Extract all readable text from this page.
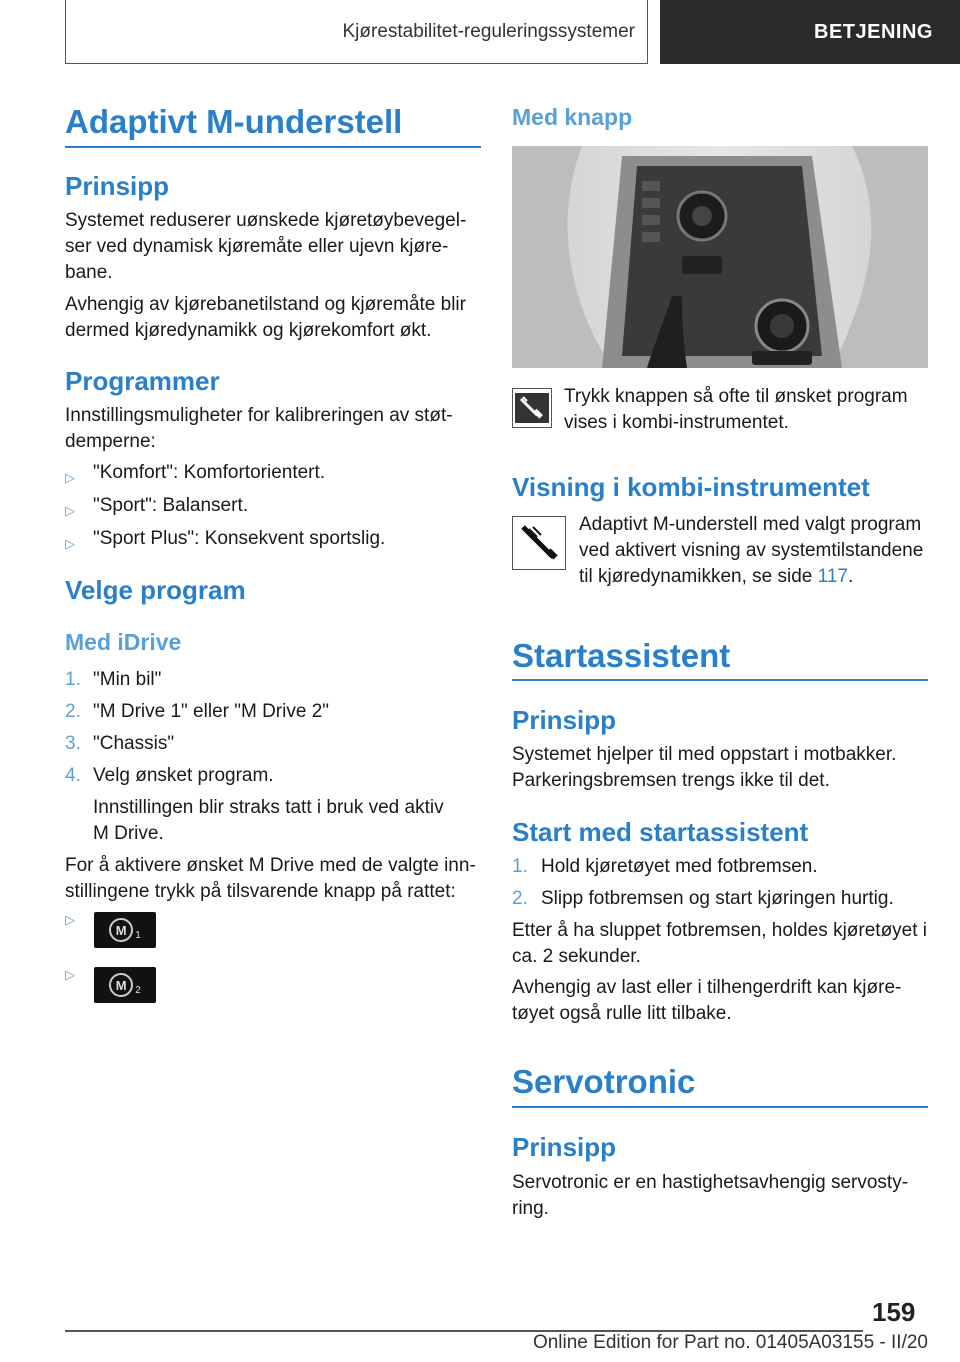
Kjørestabilitet-reguleringssystemer	BETJENING
Adaptivt M-understell
Prinsipp

Systemet reduserer uønskede kjøretøybevegelser ved dynamisk kjøremåte eller ujevn kjørebane.

Avhengig av kjørebanetilstand og kjøremåte blir dermed kjøredynamikk og kjørekomfort økt.

Programmer

Innstillingsmuligheter for kalibreringen av støtdemperne:

▷ "Komfort": Komfortorientert.
▷ "Sport": Balansert.
▷ "Sport Plus": Konsekvent sportslig.
Velge program
Med iDrive
1. "Min bil"
2. "M Drive 1" eller "M Drive 2"
3. "Chassis"
4. Velg ønsket program.

Innstillingen blir straks tatt i bruk ved aktiv M Drive.

For å aktivere ønsket M Drive med de valgte innstillingene trykk på tilsvarende knapp på rattet:

▷
M 1
▷
M 2
Med knapp

Trykk knappen så ofte til ønsket program vises i kombi-instrumentet.

Visning i kombi-instrumentet

Adaptivt M-understell med valgt program ved aktivert visning av systemtilstandene til kjøredynamikken, se side 117.

Startassistent
Prinsipp

Systemet hjelper til med oppstart i motbakker. Parkeringsbremsen trengs ikke til det.

Start med startassistent
1. Hold kjøretøyet med fotbremsen.
2. Slipp fotbremsen og start kjøringen hurtig.

Etter å ha sluppet fotbremsen, holdes kjøretøyet i ca. 2 sekunder.

Avhengig av last eller i tilhengerdrift kan kjøretøyet også rulle litt tilbake.

Servotronic
Prinsipp

Servotronic er en hastighetsavhengig servostyring.

159
Online Edition for Part no. 01405A03155 - II/20
